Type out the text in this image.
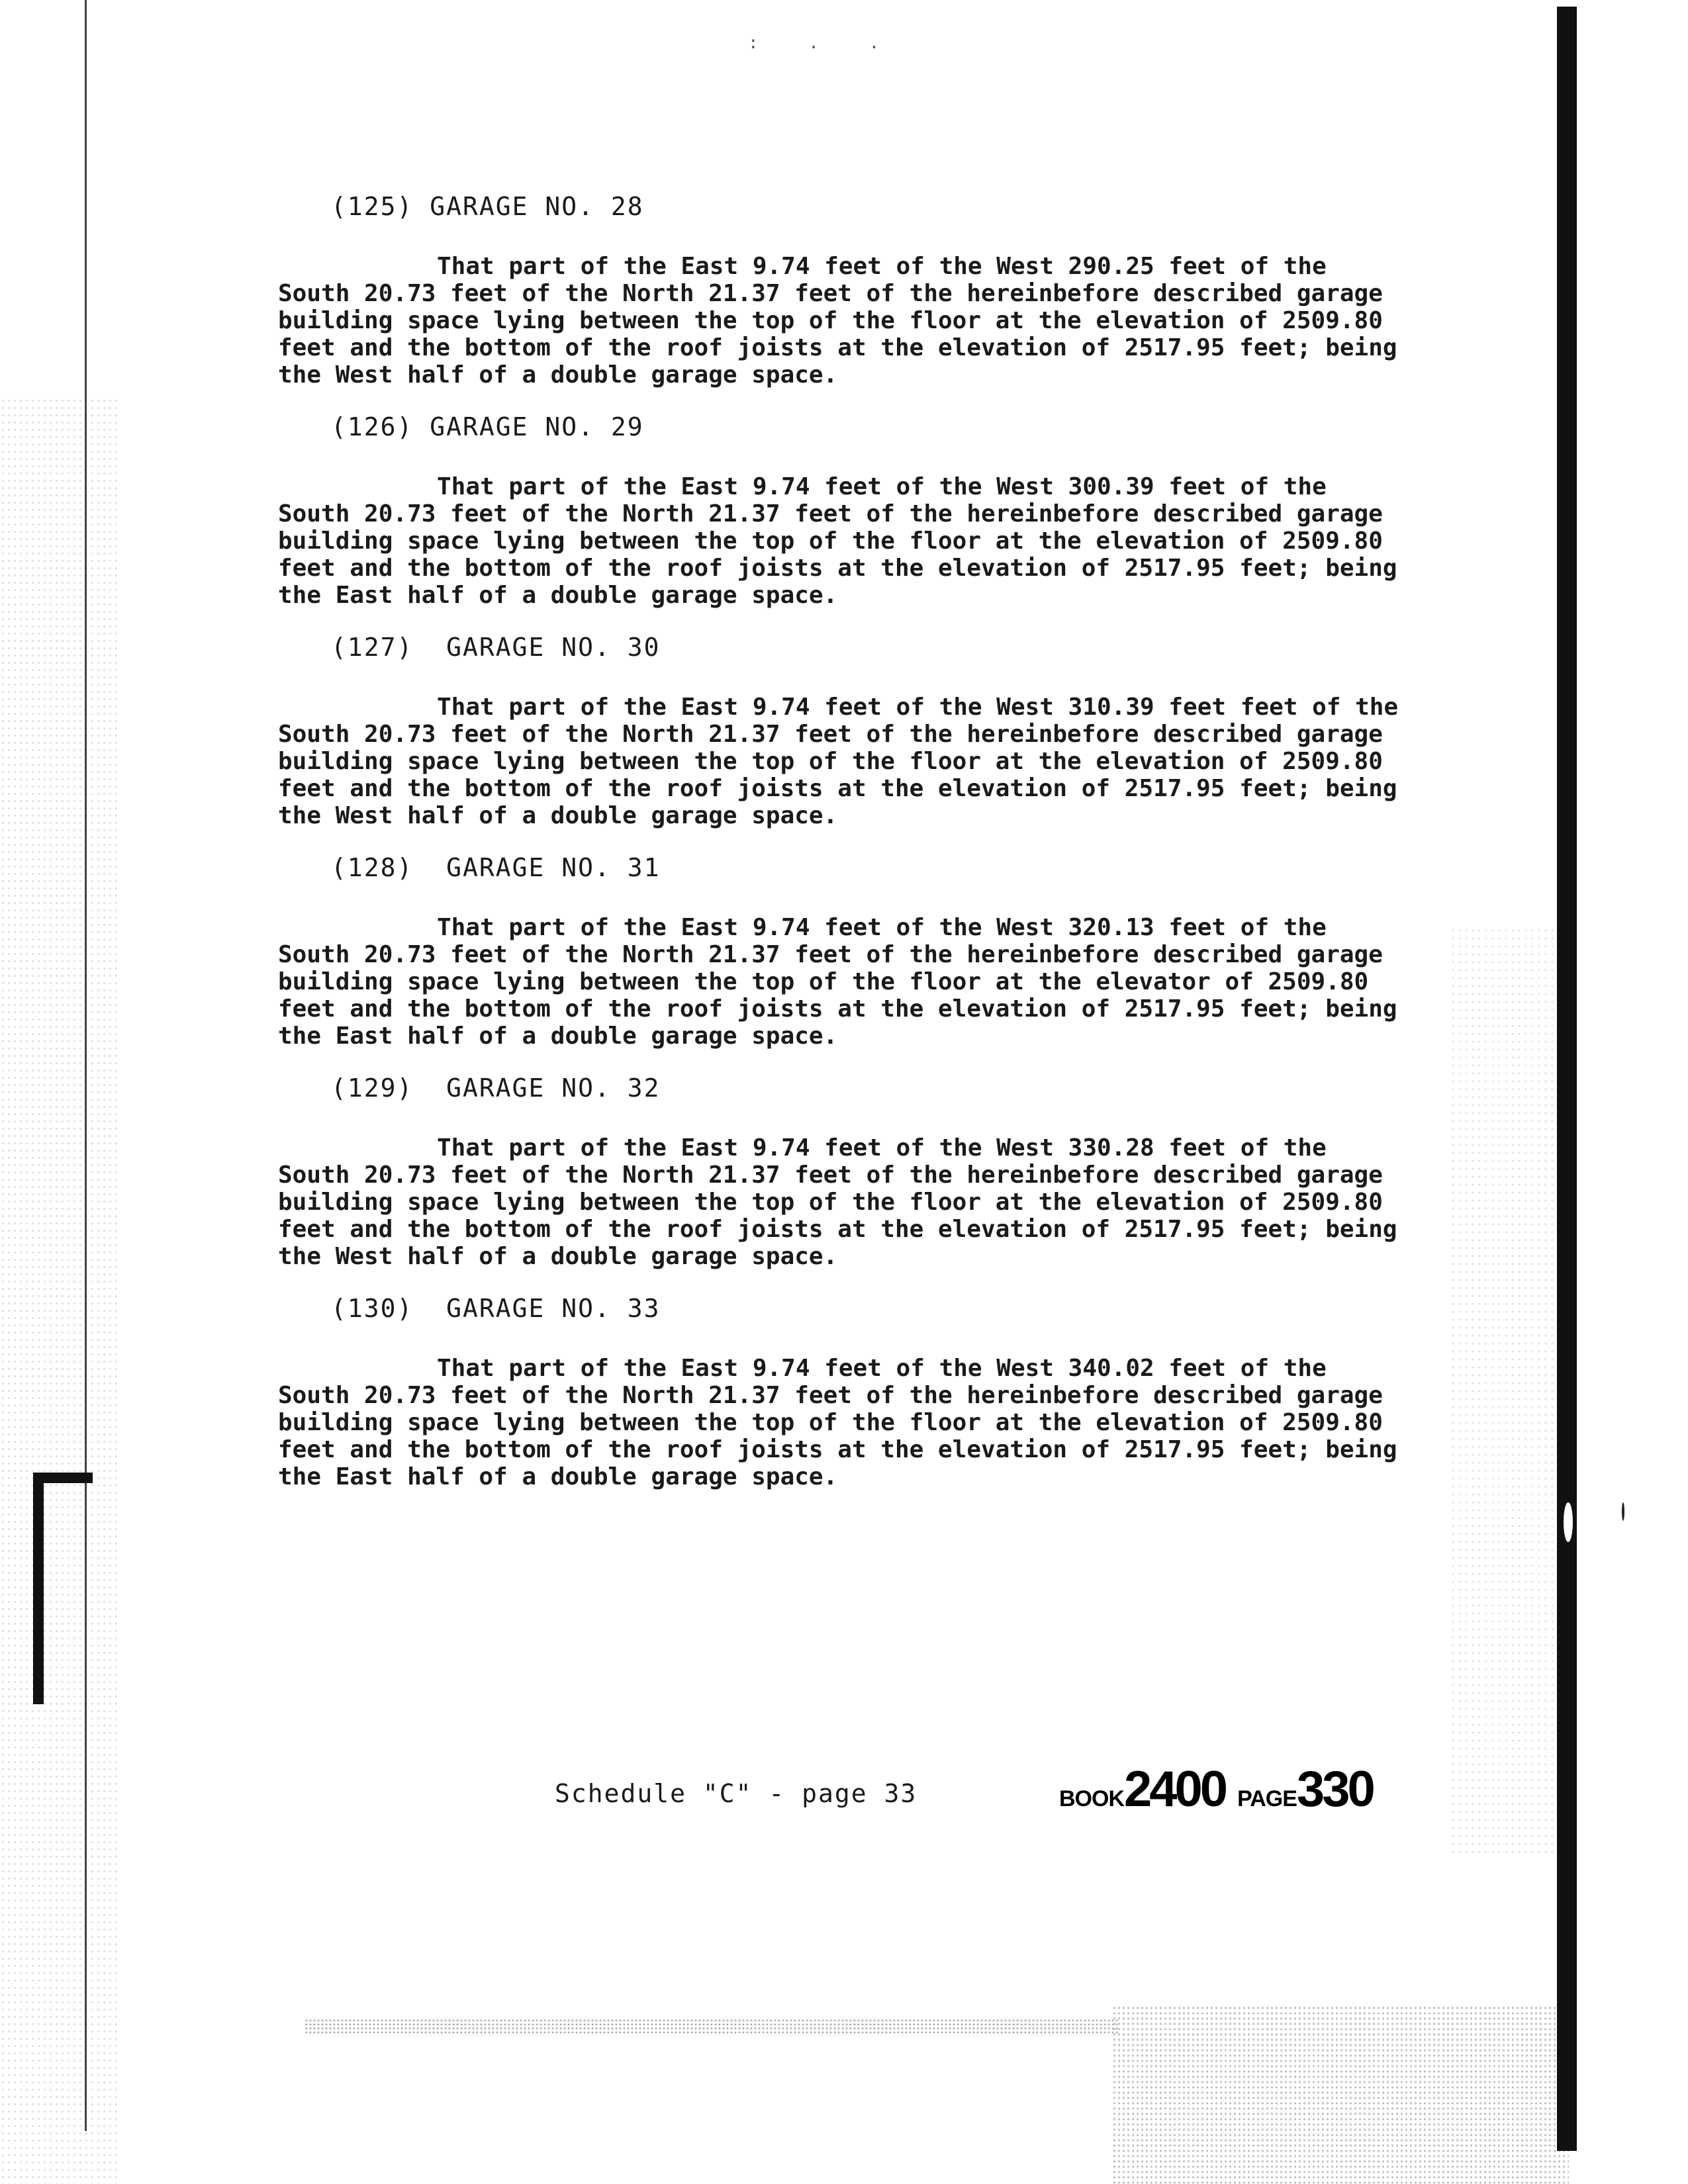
: . .
(125) GARAGE NO. 28

That part of the East 9.74 feet of the West 290.25 feet of the South 20.73 feet of the North 21.37 feet of the hereinbefore described garage building space lying between the top of the floor at the elevation of 2509.80 feet and the bottom of the roof joists at the elevation of 2517.95 feet; being the West half of a double garage space.

(126) GARAGE NO. 29

That part of the East 9.74 feet of the West 300.39 feet of the South 20.73 feet of the North 21.37 feet of the hereinbefore described garage building space lying between the top of the floor at the elevation of 2509.80 feet and the bottom of the roof joists at the elevation of 2517.95 feet; being the East half of a double garage space.

(127)  GARAGE NO. 30

That part of the East 9.74 feet of the West 310.39 feet feet of the South 20.73 feet of the North 21.37 feet of the hereinbefore described garage building space lying between the top of the floor at the elevation of 2509.80 feet and the bottom of the roof joists at the elevation of 2517.95 feet; being the West half of a double garage space.

(128)  GARAGE NO. 31

That part of the East 9.74 feet of the West 320.13 feet of the South 20.73 feet of the North 21.37 feet of the hereinbefore described garage building space lying between the top of the floor at the elevator of 2509.80 feet and the bottom of the roof joists at the elevation of 2517.95 feet; being the East half of a double garage space.

(129)  GARAGE NO. 32

That part of the East 9.74 feet of the West 330.28 feet of the South 20.73 feet of the North 21.37 feet of the hereinbefore described garage building space lying between the top of the floor at the elevation of 2509.80 feet and the bottom of the roof joists at the elevation of 2517.95 feet; being the West half of a double garage space.

(130)  GARAGE NO. 33

That part of the East 9.74 feet of the West 340.02 feet of the South 20.73 feet of the North 21.37 feet of the hereinbefore described garage building space lying between the top of the floor at the elevation of 2509.80 feet and the bottom of the roof joists at the elevation of 2517.95 feet; being the East half of a double garage space.

Schedule "C" - page 33	BOOK2400 PAGE330
